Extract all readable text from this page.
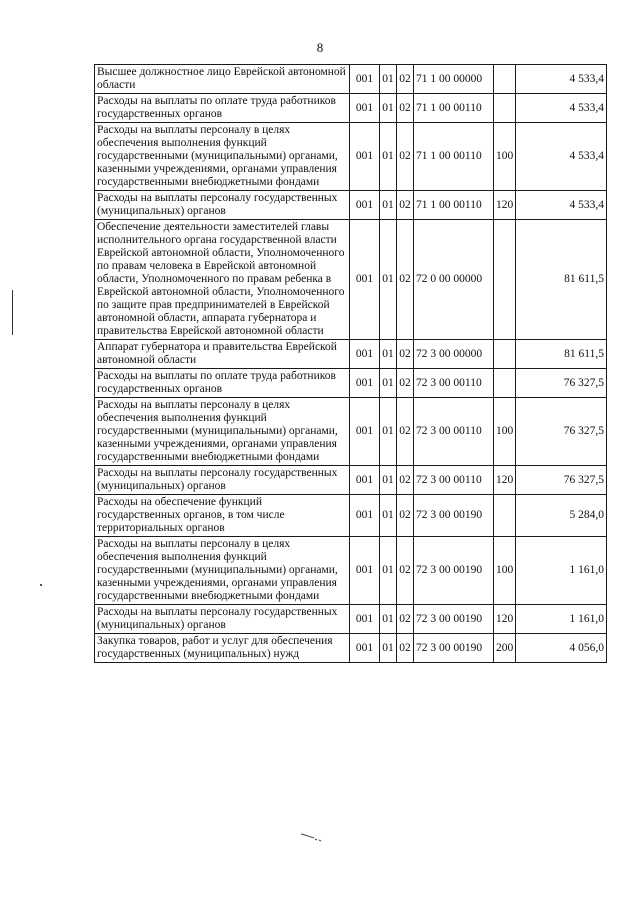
8
Высшее должностное лицо Еврейской автономной области	001	01	02	71 1 00 00000		4 533,4
Расходы на выплаты по оплате труда работников государственных органов	001	01	02	71 1 00 00110		4 533,4
Расходы на выплаты персоналу в целях обеспечения выполнения функций государственными (муниципальными) органами, казенными учреждениями, органами управления государственными внебюджетными фондами	001	01	02	71 1 00 00110	100	4 533,4
Расходы на выплаты персоналу государственных (муниципальных) органов	001	01	02	71 1 00 00110	120	4 533,4
Обеспечение деятельности заместителей главы исполнительного органа государственной власти Еврейской автономной области, Уполномоченного по правам человека в Еврейской автономной области, Уполномоченного по правам ребенка в Еврейской автономной области, Уполномоченного по защите прав предпринимателей в Еврейской автономной области, аппарата губернатора и правительства Еврейской автономной области	001	01	02	72 0 00 00000		81 611,5
Аппарат губернатора и правительства Еврейской автономной области	001	01	02	72 3 00 00000		81 611,5
Расходы на выплаты по оплате труда работников государственных органов	001	01	02	72 3 00 00110		76 327,5
Расходы на выплаты персоналу в целях обеспечения выполнения функций государственными (муниципальными) органами, казенными учреждениями, органами управления государственными внебюджетными фондами	001	01	02	72 3 00 00110	100	76 327,5
Расходы на выплаты персоналу государственных (муниципальных) органов	001	01	02	72 3 00 00110	120	76 327,5
Расходы на обеспечение функций государственных органов, в том числе территориальных органов	001	01	02	72 3 00 00190		5 284,0
Расходы на выплаты персоналу в целях обеспечения выполнения функций государственными (муниципальными) органами, казенными учреждениями, органами управления государственными внебюджетными фондами	001	01	02	72 3 00 00190	100	1 161,0
Расходы на выплаты персоналу государственных (муниципальных) органов	001	01	02	72 3 00 00190	120	1 161,0
Закупка товаров, работ и услуг для обеспечения государственных (муниципальных) нужд	001	01	02	72 3 00 00190	200	4 056,0
